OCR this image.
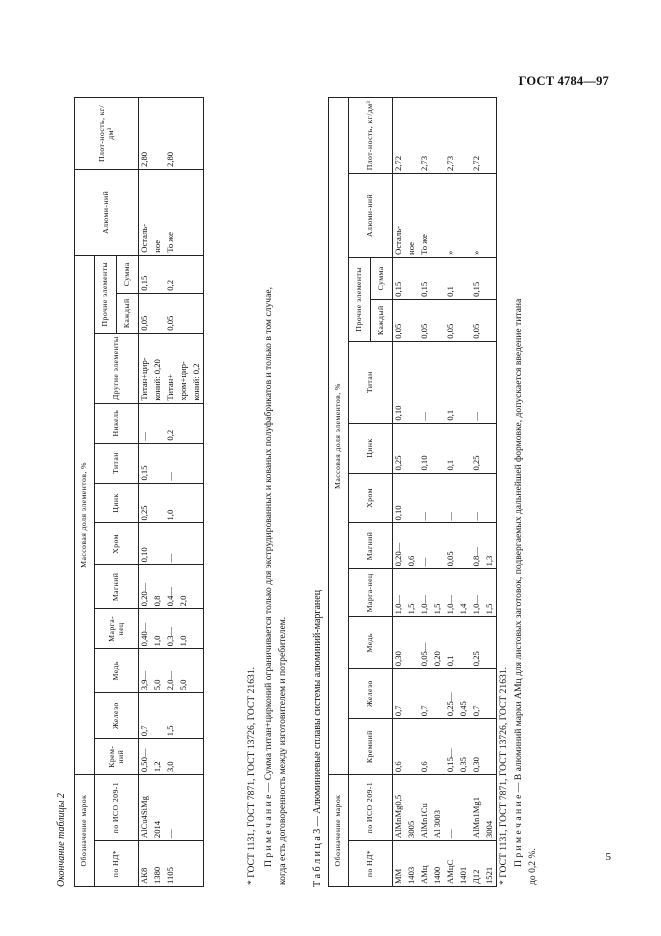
ГОСТ 4784—97
5
Окончание таблицы 2 Обозначение марок		Массовая доля элементов, %												Алюми-ний	Плот-ность, кг/дм³
по НД*	по ИСО 209-1	Крем-ний	Железо	Медь	Марга-нец	Магний	Хром	Цинк	Титан	Никель	Другие элементы	Прочие элементы			
												Каждый	Сумма		
АК8	AlCu4SiMg	0,50—	0,7	3,9—	0,40—	0,20—	0,10	0,25	0,15	—	Титан+цир-	0,05	0,15	Осталь-	2,80
1380	2014	1,2		5,0	1,0	0,8					коний: 0,20			ное	
1105	—	3,0	1,5	2,0—	0,3—	0,4—	—	1,0	—	0,2	Титан+	0,05	0,2	То же	2,80
				5,0	1,0	2,0					хром+цир-				
											коний: 0,2				
* ГОСТ 1131, ГОСТ 7871, ГОСТ 13726, ГОСТ 21631. П р и м е ч а н и е — Сумма титан+цирконий ограничивается только для экструдированных и кованых полуфабрикатов и только в том случае, когда есть договоренность между изготовителем и потребителем. Т а б л и ц а 3 — Алюминиевые сплавы системы алюминий-марганец
Обозначение марок		Массовая доля элементов, %											
по НД*	по ИСО 209-1	Кремний	Железо	Медь	Марга-нец	Магний	Хром	Цинк	Титан	Прочие элементы		Алюми-ний	Плот-ность, кг/дм³
										Каждый	Сумма		
ММ	AlMnMg0,5	0,6	0,7	0,30	1,0—	0,20—	0,10	0,25	0,10	0,05	0,15	Осталь-	2,72
1403	3005				1,5	0,6						ное	
АМц	AlMn1Cu	0,6	0,7	0,05—	1,0—	—	—	0,10	—	0,05	0,15	То же	2,73
1400	Al 3003			0,20	1,5								
АМцС	—	0,15—	0,25—	0,1	1,0—	0,05	—	0,1	0,1	0,05	0,1	»	2,73
1401		0,35	0,45		1,4								
Д12	AlMn1Mg1	0,30	0,7	0,25	1,0—	0,8—	—	0,25	—	0,05	0,15	»	2,72
1521	3004				1,5	1,3							
* ГОСТ 1131, ГОСТ 7871, ГОСТ 13726, ГОСТ 21631. П р и м е ч а н и е — В алюминий марки АМц для листовых заготовок, подвергаемых дальнейшей формовке, допускается введение титана
до 0,2 %.
